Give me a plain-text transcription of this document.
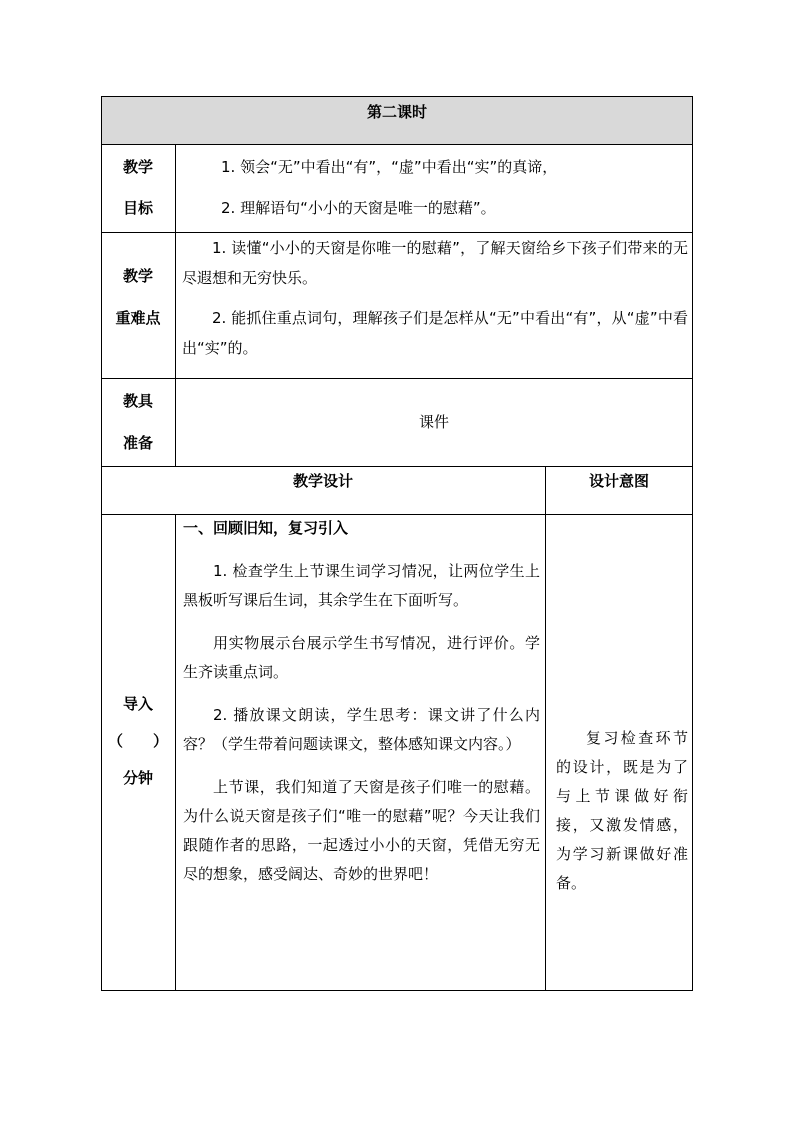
第二课时
教学
目标

1. 领会“无”中看出“有”，“虚”中看出“实”的真谛，

2. 理解语句“小小的天窗是唯一的慰藉”。

教学
重难点

1. 读懂“小小的天窗是你唯一的慰藉”，了解天窗给乡下孩子们带来的无尽遐想和无穷快乐。

2. 能抓住重点词句，理解孩子们是怎样从“无”中看出“有”，从“虚”中看出“实”的。

教具
准备
课件
教学设计	设计意图
导入
（　　）
分钟
一、回顾旧知，复习引入

1. 检查学生上节课生词学习情况，让两位学生上黑板听写课后生词，其余学生在下面听写。

用实物展示台展示学生书写情况，进行评价。学生齐读重点词。

2. 播放课文朗读，学生思考：课文讲了什么内容？（学生带着问题读课文，整体感知课文内容。）

上节课，我们知道了天窗是孩子们唯一的慰藉。为什么说天窗是孩子们“唯一的慰藉”呢？今天让我们跟随作者的思路，一起透过小小的天窗，凭借无穷无尽的想象，感受阔达、奇妙的世界吧！

复习检查环节的设计，既是为了与上节课做好衔接，又激发情感，为学习新课做好准备。
